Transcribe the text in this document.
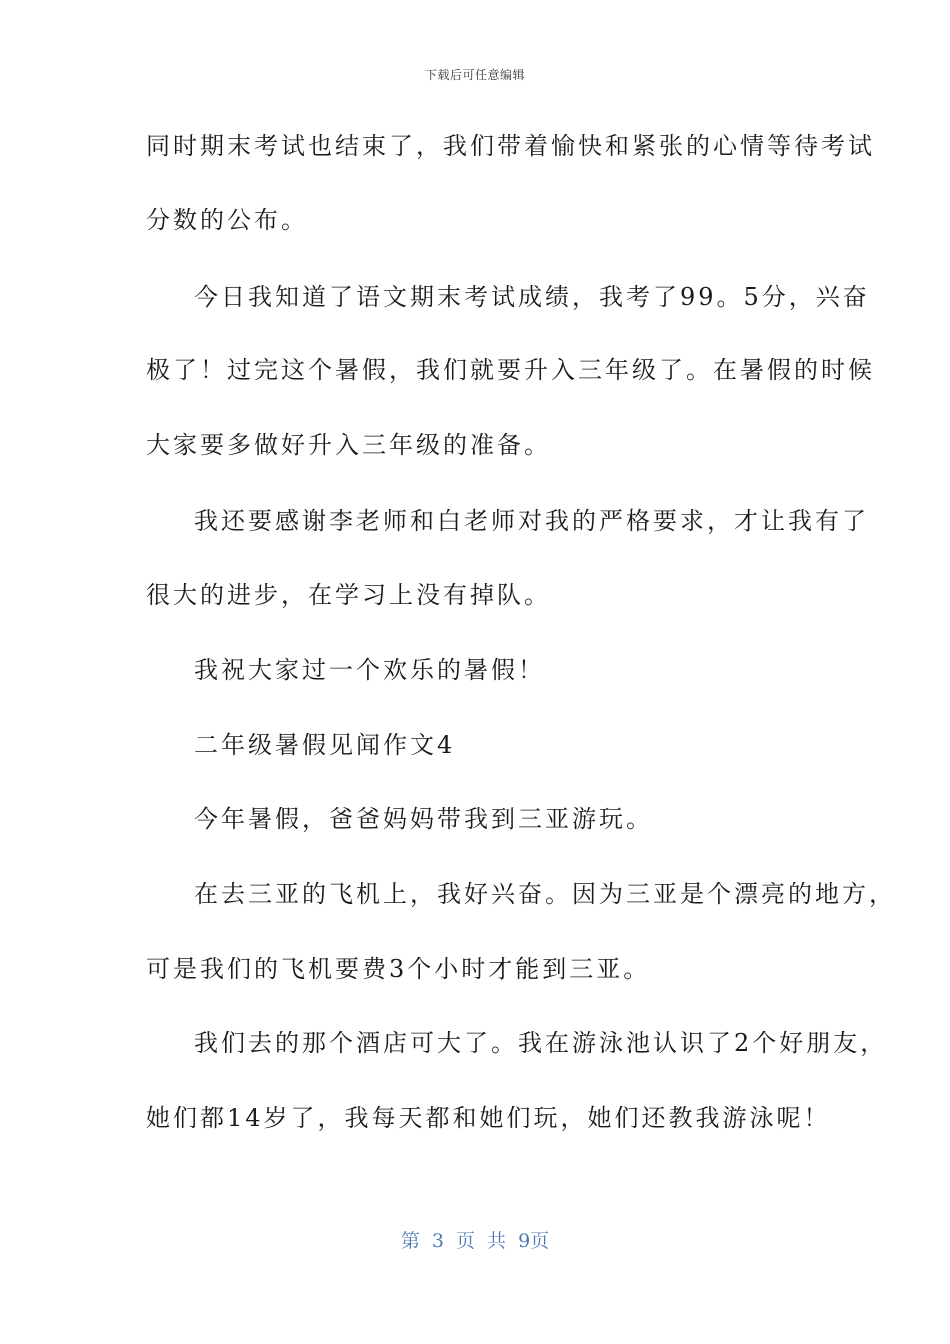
下载后可任意编辑
同时期末考试也结束了，我们带着愉快和紧张的心情等待考试
分数的公布。
今日我知道了语文期末考试成绩，我考了99。5分，兴奋
极了！过完这个暑假，我们就要升入三年级了。在暑假的时候
大家要多做好升入三年级的准备。
我还要感谢李老师和白老师对我的严格要求，才让我有了
很大的进步，在学习上没有掉队。
我祝大家过一个欢乐的暑假！
二年级暑假见闻作文4
今年暑假，爸爸妈妈带我到三亚游玩。
在去三亚的飞机上，我好兴奋。因为三亚是个漂亮的地方，
可是我们的飞机要费3个小时才能到三亚。
我们去的那个酒店可大了。我在游泳池认识了2个好朋友，
她们都14岁了，我每天都和她们玩，她们还教我游泳呢！
第 3 页 共 9页
